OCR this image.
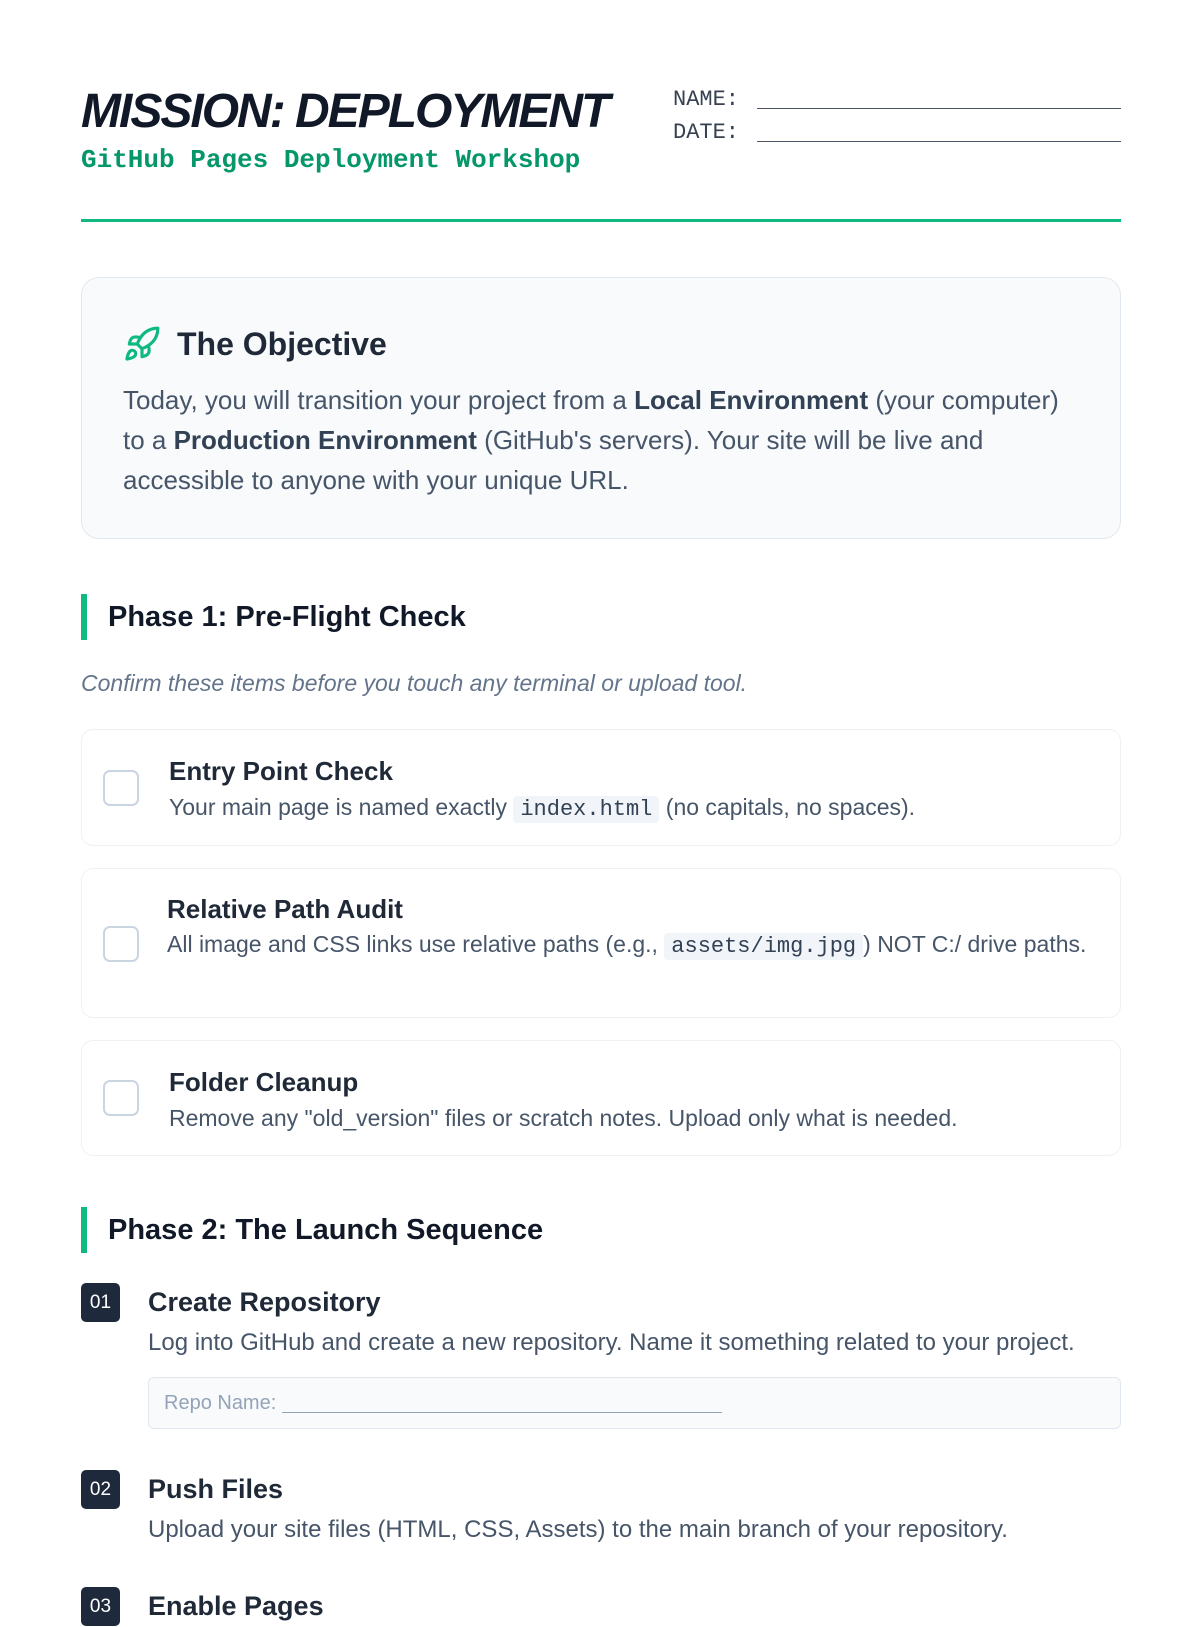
MISSION: DEPLOYMENT
GitHub Pages Deployment Workshop
NAME:
DATE:
The Objective

Today, you will transition your project from a Local Environment (your computer) to a Production Environment (GitHub's servers). Your site will be live and accessible to anyone with your unique URL.

Phase 1: Pre-Flight Check

Confirm these items before you touch any terminal or upload tool.

Entry Point Check

Your main page is named exactly index.html (no capitals, no spaces).

Relative Path Audit

All image and CSS links use relative paths (e.g., assets/img.jpg ) NOT C:/ drive paths.

Folder Cleanup

Remove any "old_version" files or scratch notes. Upload only what is needed.

Phase 2: The Launch Sequence
01	Create Repository

Log into GitHub and create a new repository. Name it something related to your project.

Repo Name:
02	Push Files

Upload your site files (HTML, CSS, Assets) to the main branch of your repository.

03	Enable Pages
